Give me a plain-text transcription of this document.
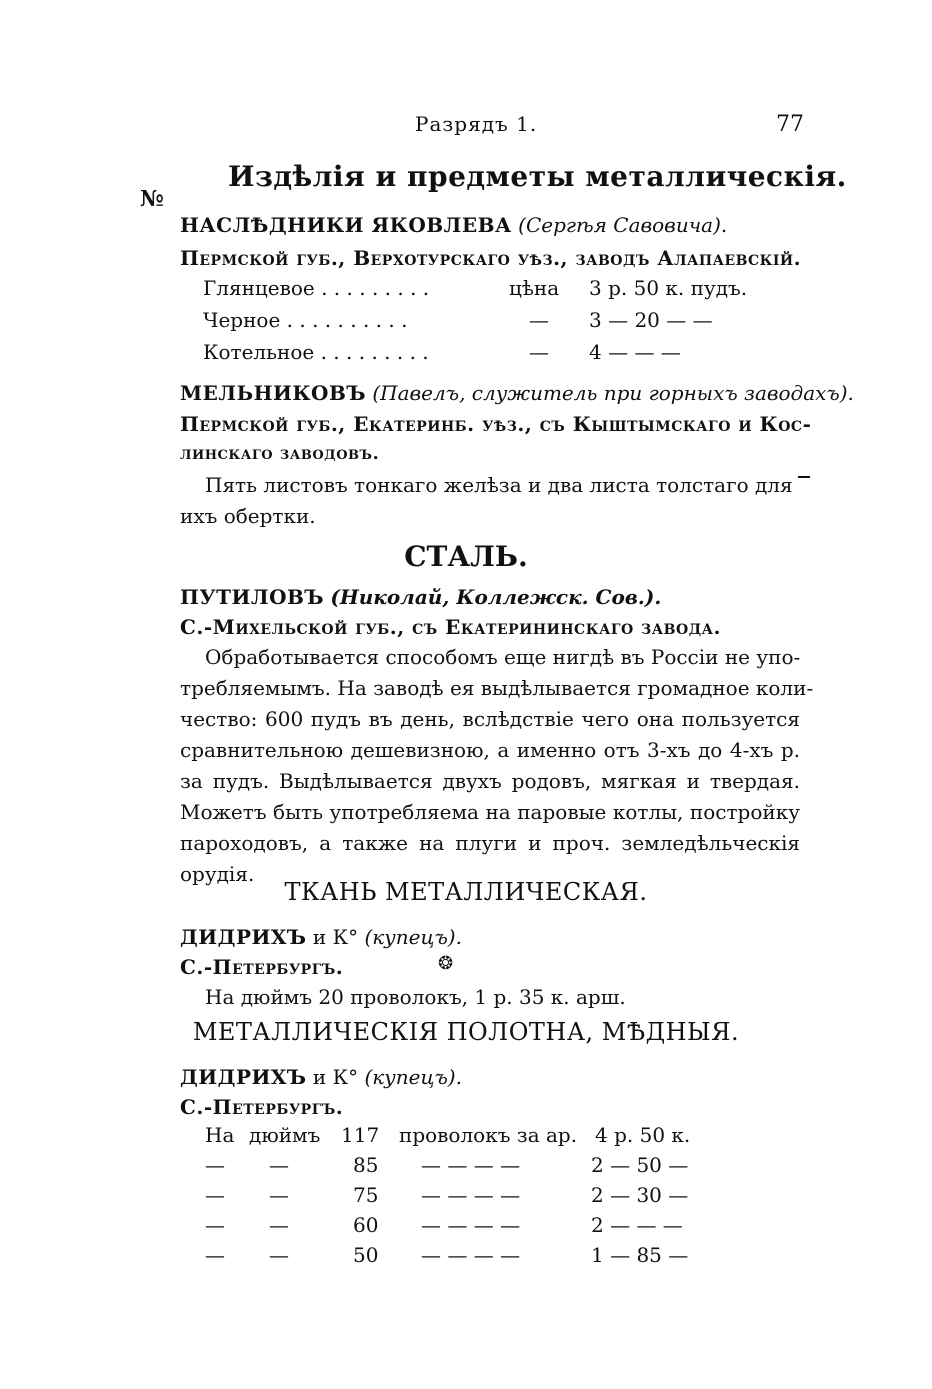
Разрядъ 1.	77
Издѣлія и предметы металлическія.
№
НАСЛѢДНИКИ ЯКОВЛЕВА (Сергѣя Савовича).
Пермской губ., Верхотурскаго уѣз., заводъ Алапаевскій.
Глянцевое . . . . . . . . .	цѣна 3 р. 50 к. пудъ.
Черное . . . . . . . . . .	— 3 — 20 — —
Котельное . . . . . . . . .	— 4 — — —
МЕЛЬНИКОВЪ (Павелъ, служитель при горныхъ заводахъ).
Пермской губ., Екатеринб. уѣз., съ Кыштымскаго и Кос-
линскаго заводовъ.
Пять листовъ тонкаго желѣза и два листа толстаго для
ихъ обертки.
СТАЛЬ.
ПУТИЛОВЪ (Николай, Коллежск. Сов.).
С.-Михельской губ., съ Екатерининскаго завода.
Обработывается способомъ еще нигдѣ въ Россіи не упо-
требляемымъ. На заводѣ ея выдѣлывается громадное коли-
чество: 600 пудъ въ день, вслѣдствіе чего она пользуется
сравнительною дешевизною, а именно отъ 3-хъ до 4-хъ р.
за пудъ. Выдѣлывается двухъ родовъ, мягкая и твердая.
Можетъ быть употребляема на паровые котлы, постройку
пароходовъ, а также на плуги и проч. земледѣльческія
орудія.
ТКАНЬ МЕТАЛЛИЧЕСКАЯ.
ДИДРИХЪ и К° (купецъ).
С.-Петербургъ.	❂
На дюймъ 20 проволокъ, 1 р. 35 к. арш.
МЕТАЛЛИЧЕСКІЯ ПОЛОТНА, МѢДНЫЯ.
ДИДРИХЪ и К° (купецъ).
С.-Петербургъ.
На дюймъ 117 проволокъ за ар. 4 р. 50 к.
— —	85 — — — —	2 — 50 —
— —	75 — — — —	2 — 30 —
— —	60 — — — —	2 — — —
— —	50 — — — —	1 — 85 —
